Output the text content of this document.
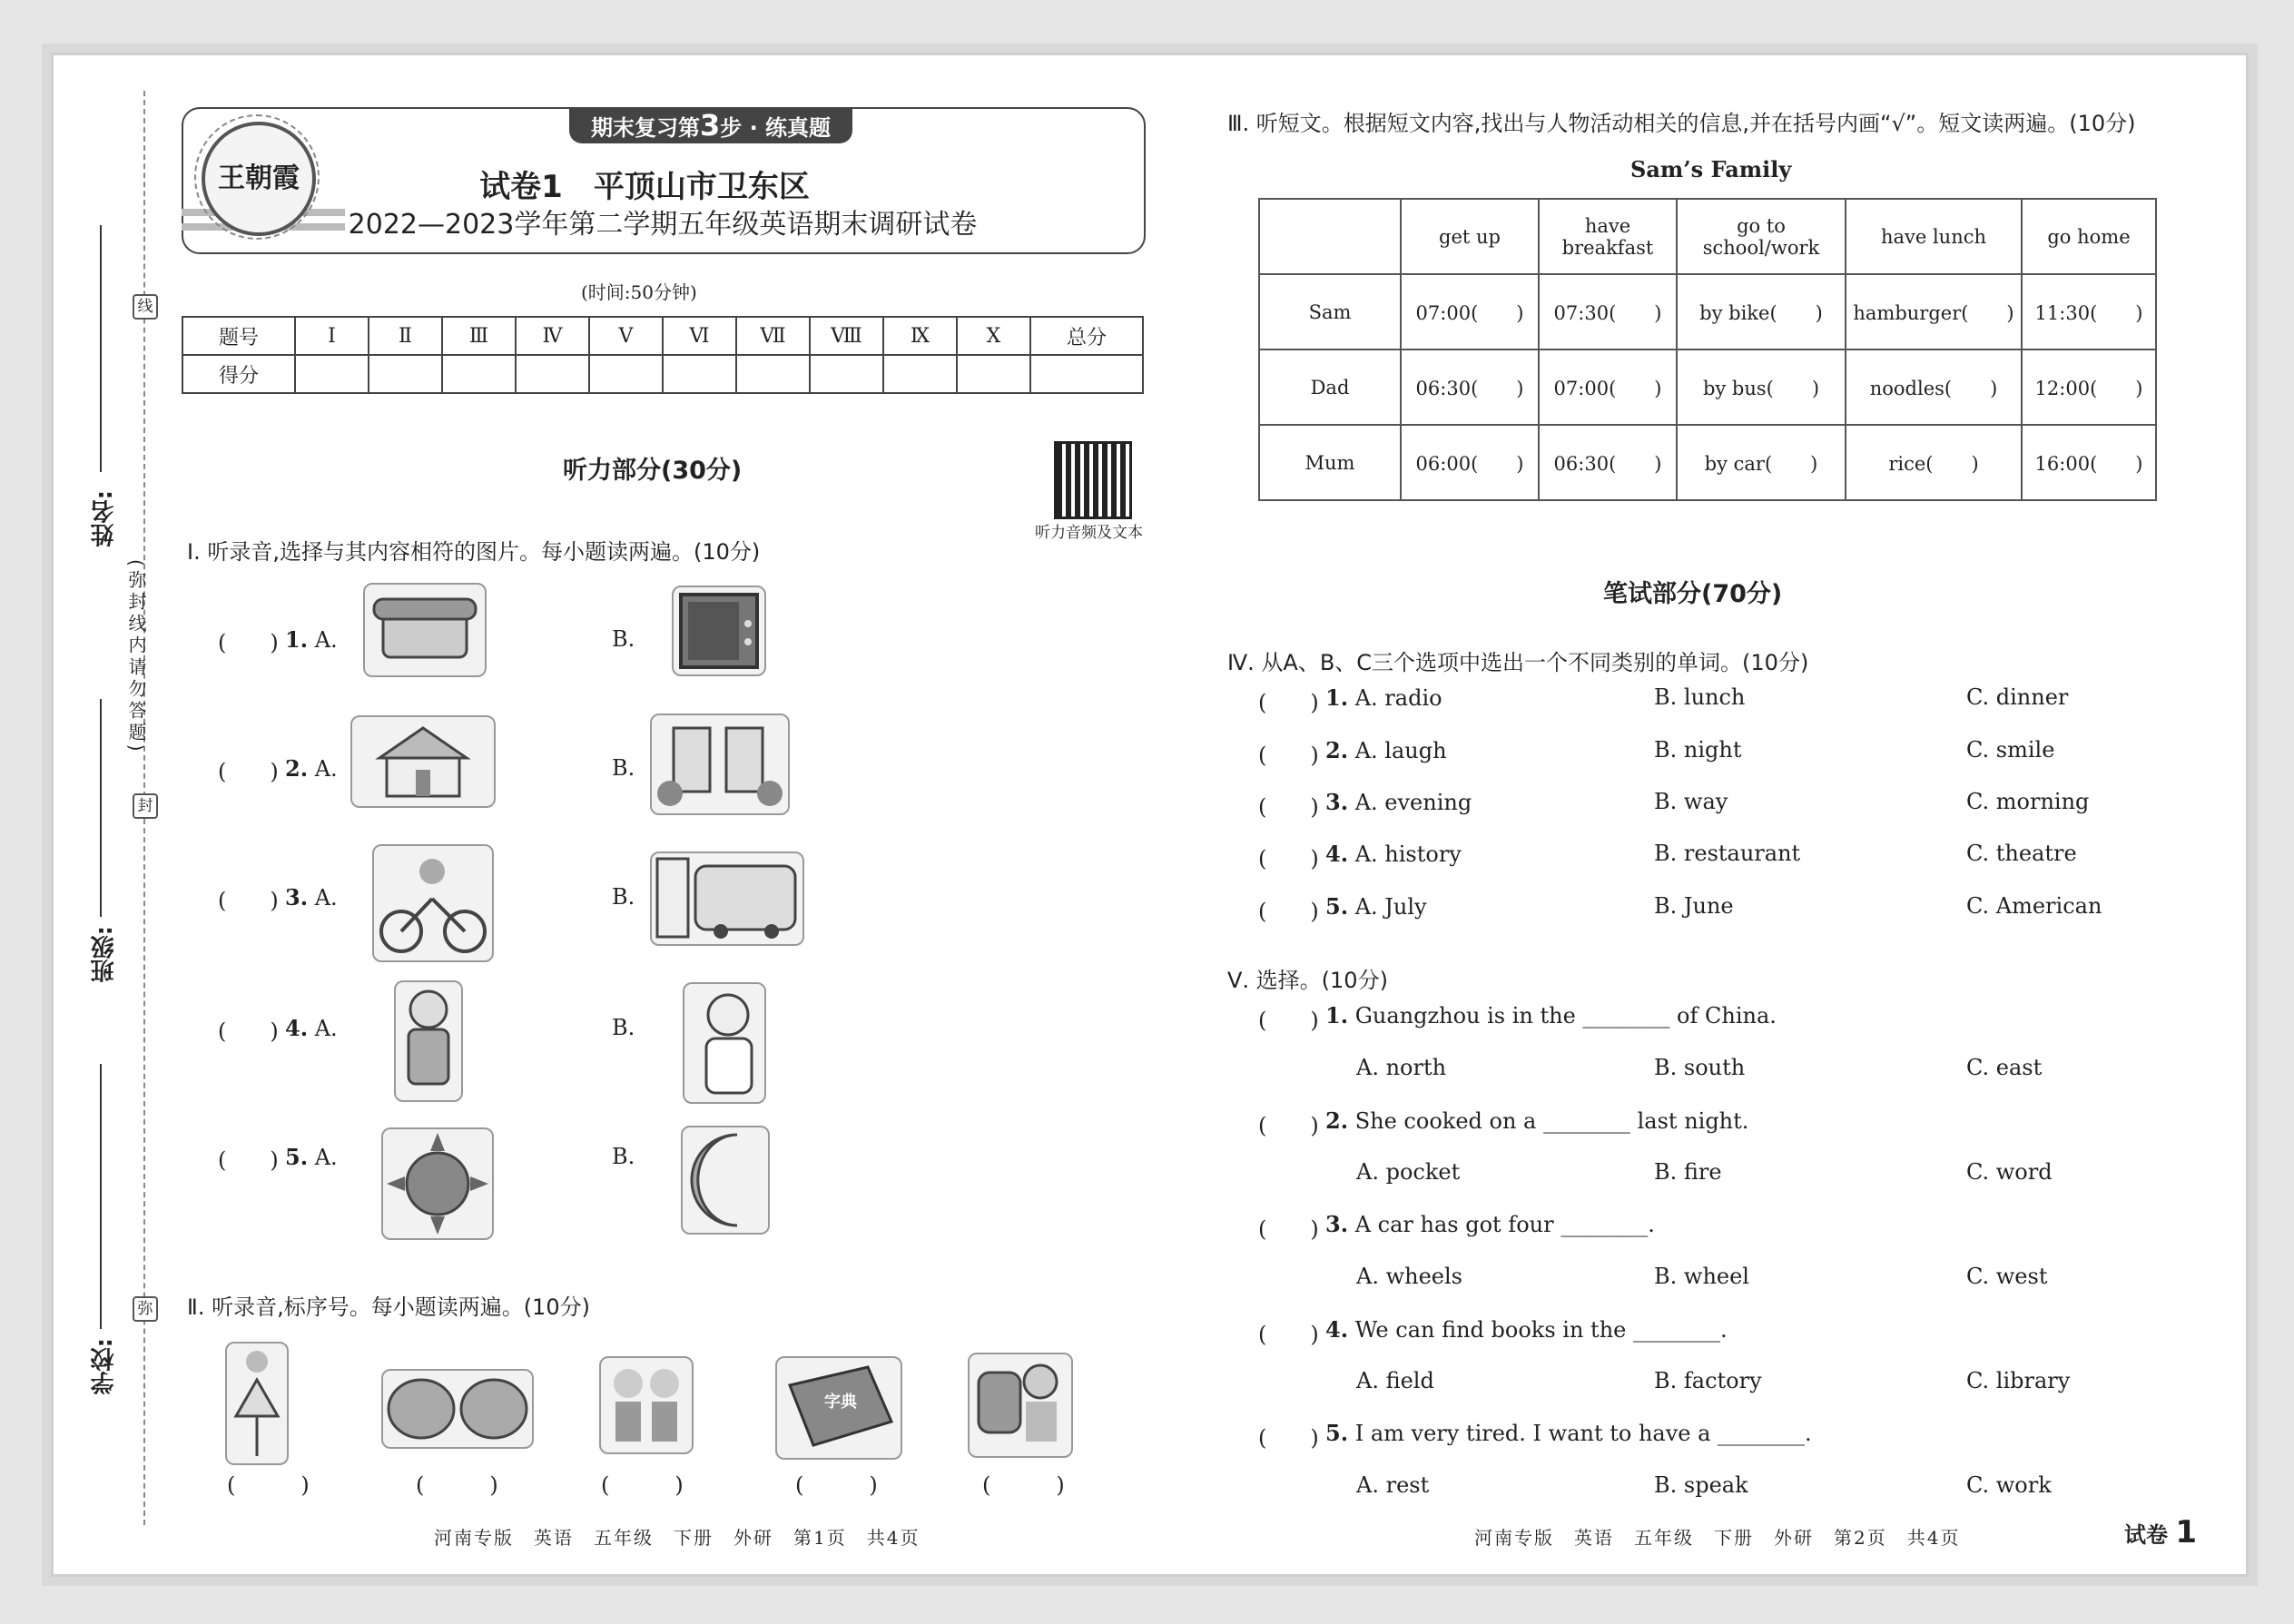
线
封
弥
(弥封线内请勿答题)
姓名:
班级:
学校:
期末复习第3步 · 练真题
王朝霞	试卷1　平顶山市卫东区
2022—2023学年第二学期五年级英语期末调研试卷
(时间:50分钟)
题号	Ⅰ	Ⅱ	Ⅲ	Ⅳ	Ⅴ	Ⅵ	Ⅶ	Ⅷ	Ⅸ	Ⅹ	总分
得分											
听力部分(30分)
听力音频及文本
Ⅰ. 听录音,选择与其内容相符的图片。每小题读两遍。(10分)
(　　) 1. A.	B.
(　　) 2. A.	B.
(　　) 3. A.	B.
(　　) 4. A.	B.
(　　) 5. A.	B.
Ⅱ. 听录音,标序号。每小题读两遍。(10分)
字典
(　　　	)	(　　　	)	(　　　	)	(　　　	)	(　　　	)
Ⅲ. 听短文。根据短文内容,找出与人物活动相关的信息,并在括号内画“√”。短文读两遍。(10分)
Sam’s Family
	get up	have breakfast	go to school/work	have lunch	go home
Sam	07:00(　　)	07:30(　　)	by bike(　　)	hamburger(　　)	11:30(　　)
Dad	06:30(　　)	07:00(　　)	by bus(　　)	noodles(　　)	12:00(　　)
Mum	06:00(　　)	06:30(　　)	by car(　　)	rice(　　)	16:00(　　)
笔试部分(70分)
Ⅳ. 从A、B、C三个选项中选出一个不同类别的单词。(10分)
(　　) 1. A. radio	B. lunch	C. dinner
(　　) 2. A. laugh	B. night	C. smile
(　　) 3. A. evening	B. way	C. morning
(　　) 4. A. history	B. restaurant	C. theatre
(　　) 5. A. July	B. June	C. American
Ⅴ. 选择。(10分)
(　　) 1. Guangzhou is in the ________ of China.
A. north	B. south	C. east
(　　) 2. She cooked on a ________ last night.
A. pocket	B. fire	C. word
(　　) 3. A car has got four ________.
A. wheels	B. wheel	C. west
(　　) 4. We can find books in the ________.
A. field	B. factory	C. library
(　　) 5. I am very tired. I want to have a ________.
A. rest	B. speak	C. work
河南专版　英语　五年级　下册　外研　第1页　共4页	河南专版　英语　五年级　下册　外研　第2页　共4页	试卷 1
